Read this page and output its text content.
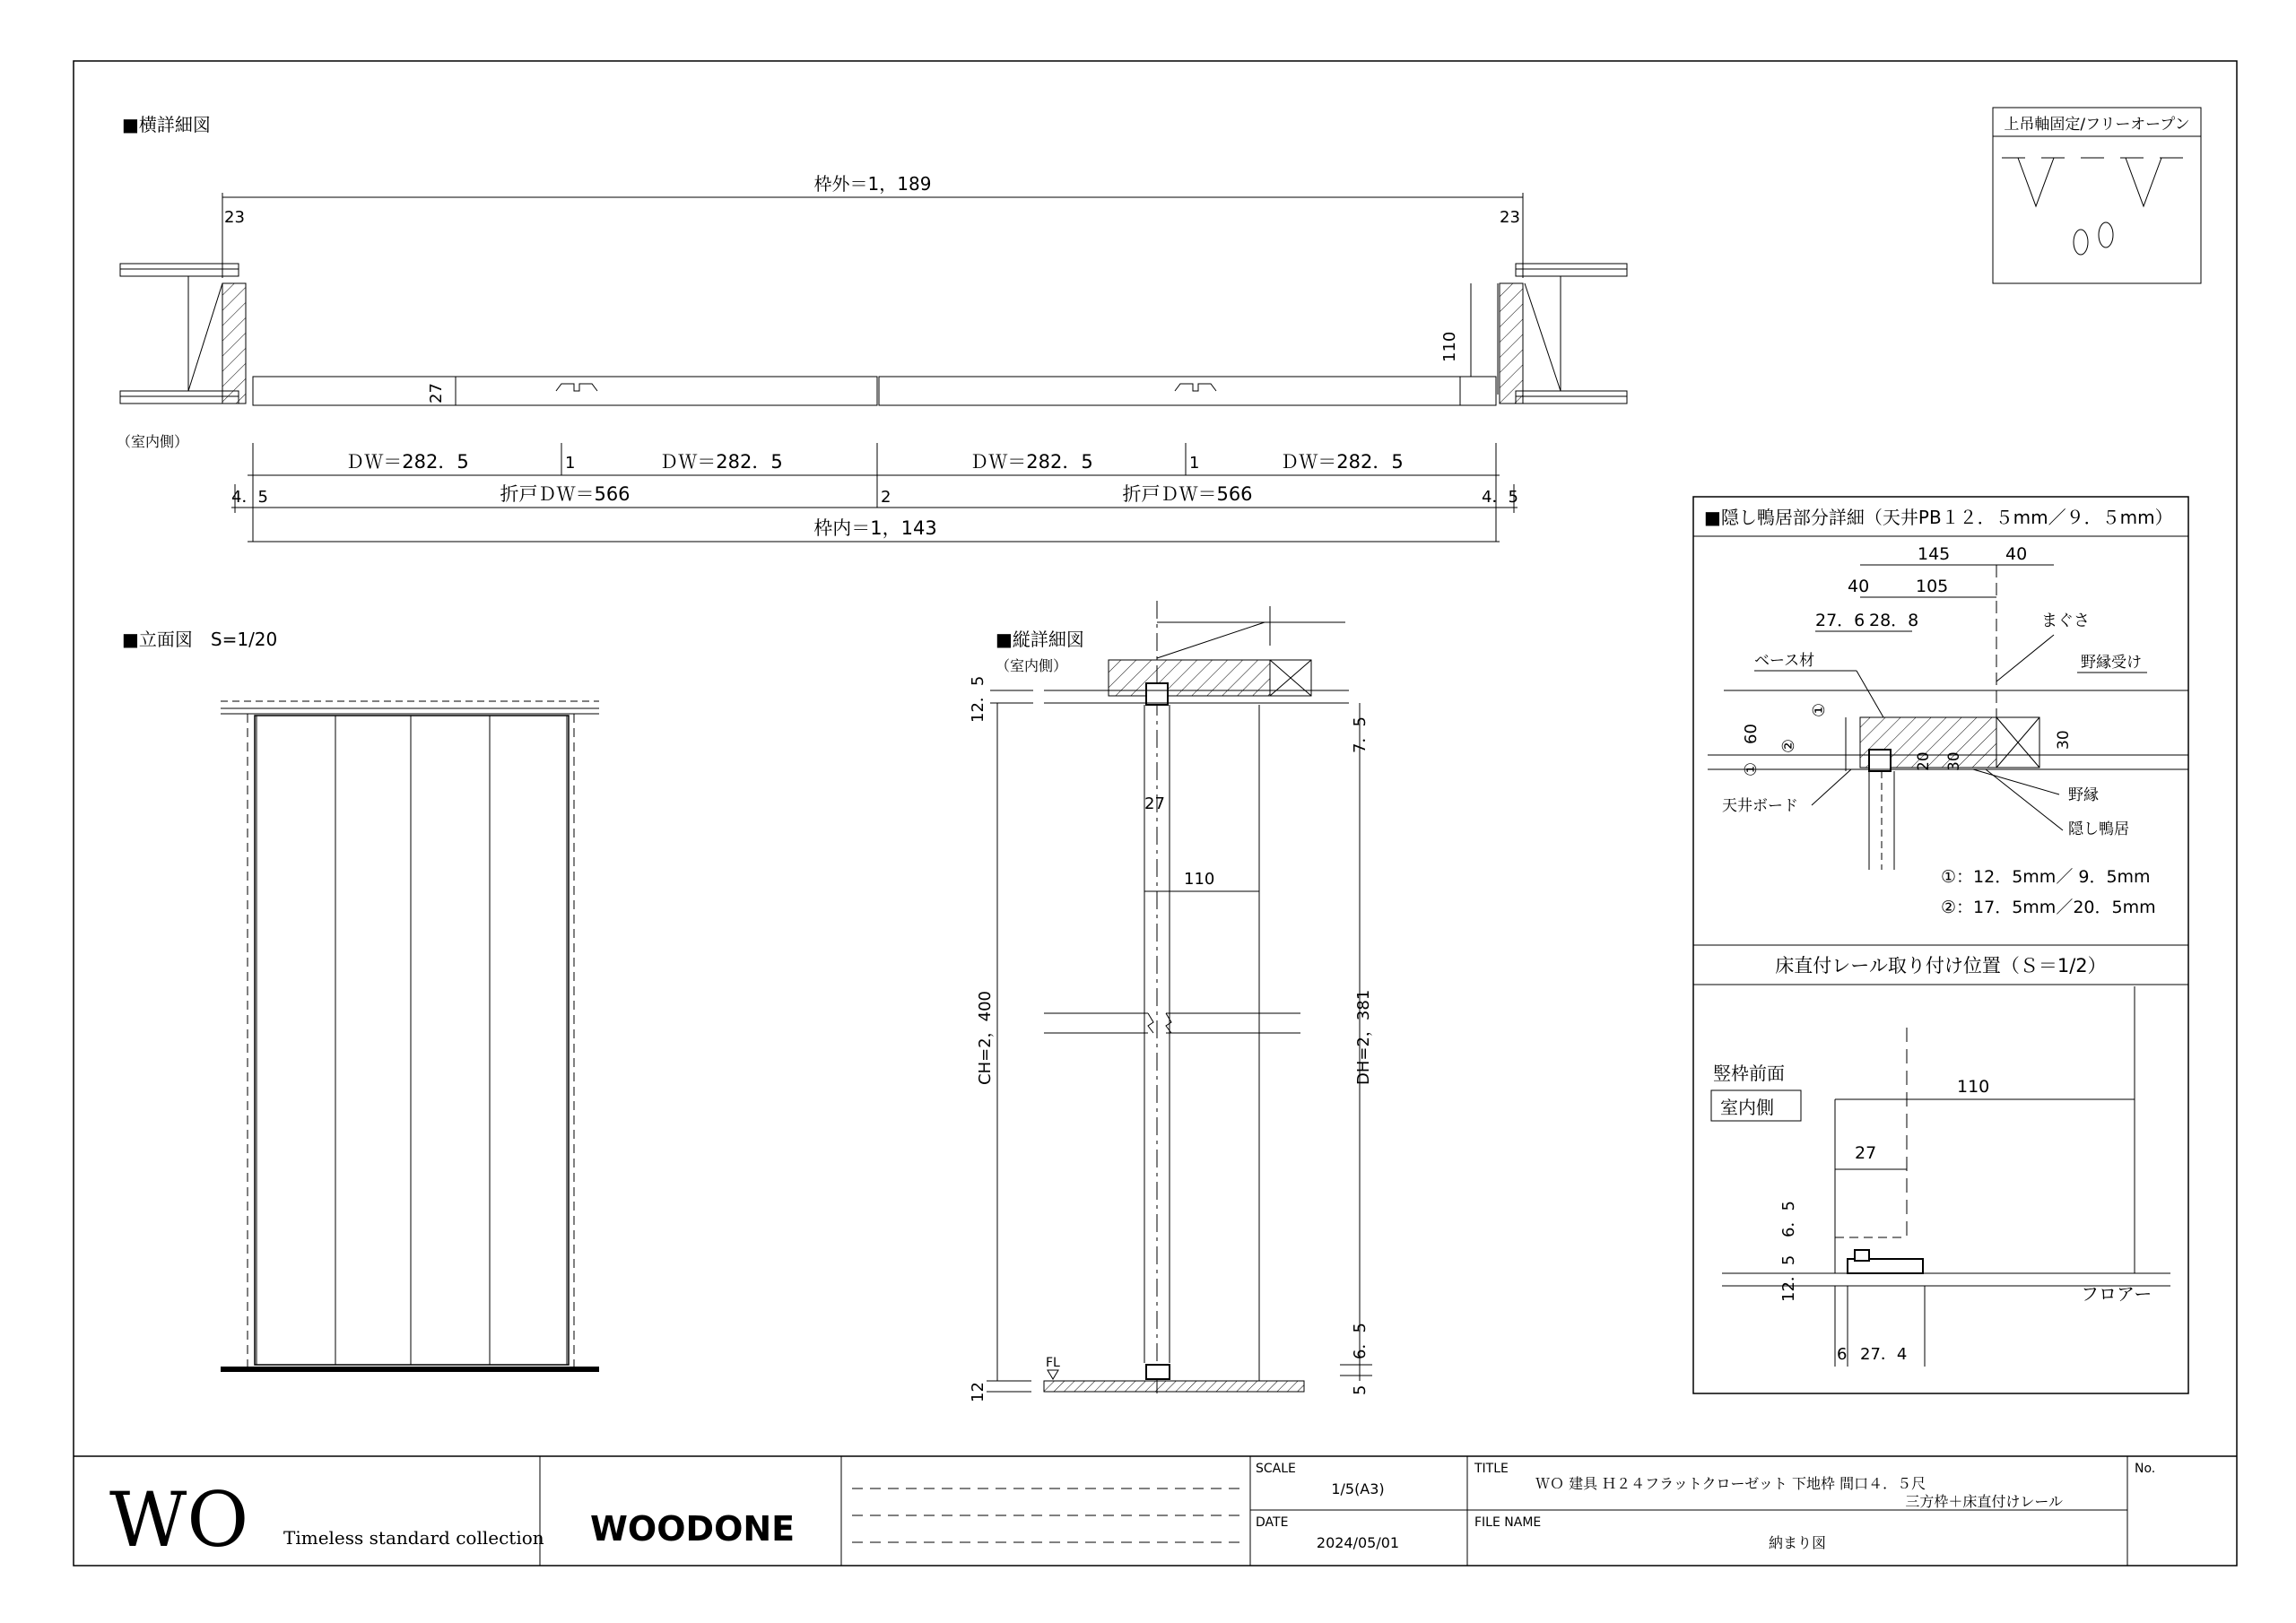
■横詳細図
枠外＝1，189
23	23
110
27
（室内側）
ＤＷ＝282．5	1	ＤＷ＝282．5	ＤＷ＝282．5	1	ＤＷ＝282．5
4．5	4．5
2
折戸ＤＷ＝566	折戸ＤＷ＝566
枠内＝1，143
上吊軸固定/フリーオープン
■立面図　S=1/20	■縦詳細図
（室内側）
12．5
7．5
27
110
CH=2，400	DH=2，381
FL
12
6．5
5
■隠し鴨居部分詳細（天井PB１２．５mm／９．５mm）
145	40
40	105
27．6 28．8	まぐさ
ベース材	野縁受け
60
①
①
②	30
20 30
野縁
天井ボード
隠し鴨居
①：12．5mm／ 9．5mm
②：17．5mm／20．5mm
床直付レール取り付け位置（Ｓ＝1/2）
竪枠前面
室内側
110
27
6．5
12．5	フロアー
6 27．4
WO Timeless standard collection WOODONE
SCALE
1/5(A3)
DATE
2024/05/01
TITLE
ＷＯ 建具 Ｈ２４フラットクローゼット 下地枠 間口４．５尺
三方枠＋床直付けレール
FILE NAME
納まり図
No.
